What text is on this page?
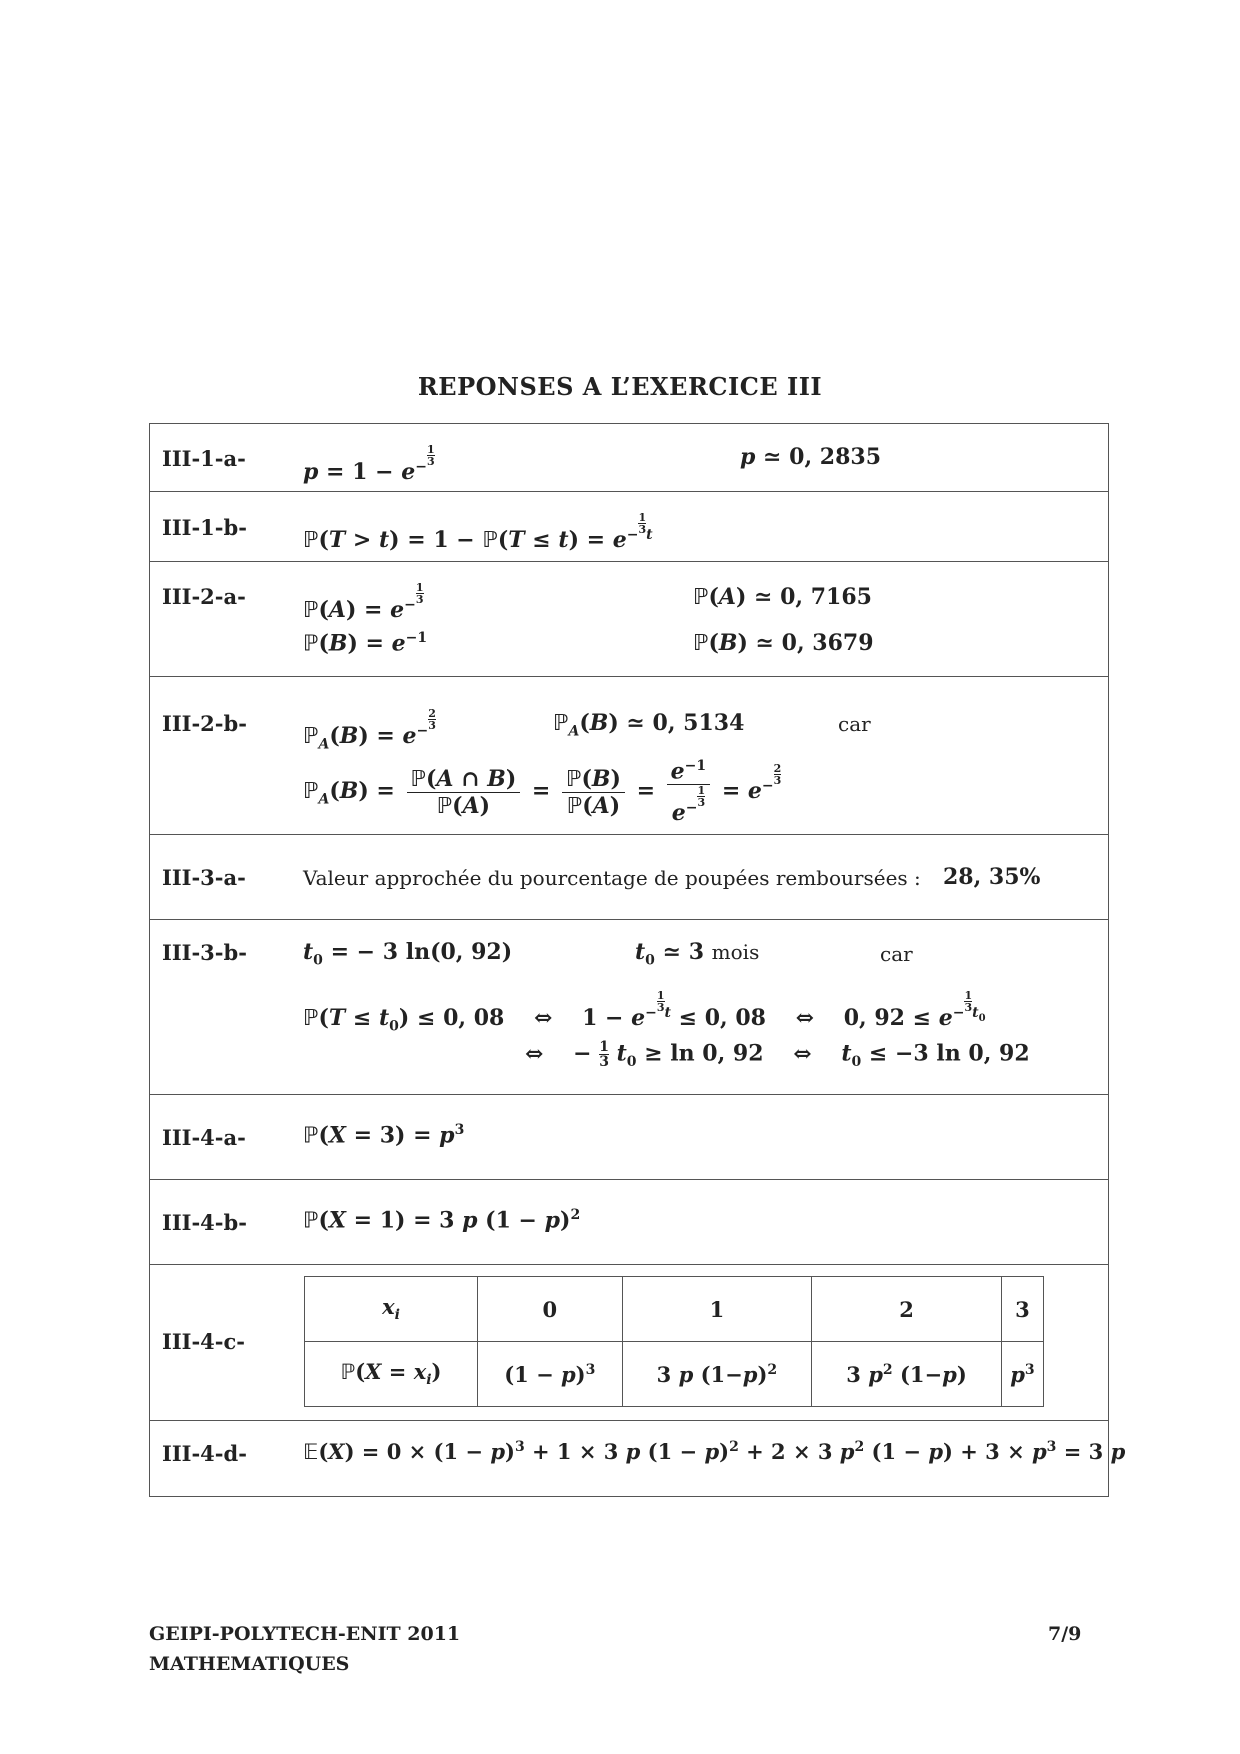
REPONSES A L’EXERCICE III
III-1-a-
$p = 1 - e^{- \frac{1}{3}}$	p ≃ 0, 2835
III-1-b-
ℙ(T > t) = 1 − ℙ(T ≤ $t) = e^{- \frac{1}{3} t}$
III-2-a-
ℙ(A) = $e^{- \frac{1}{3}}$	ℙ(A) ≃ 0, 7165
ℙ(B) = $e^{-1}$	ℙ(B) ≃ 0, 3679
III-2-b-
ℙ$_A$(B) = $e^{- \frac{2}{3}}$	ℙ$_A$(B) ≃ 0, 5134	car
ℙ$_A$(B) = $\frac{\text{ℙ(A ∩ B)}}{\text{ℙ(A)}} = \frac{\text{ℙ(B)}}{\text{ℙ(A)}} = e^{-1}$
$e^{- \frac{1}{3}} = e^{- \frac{2}{3}}$
III-3-a-	Valeur approchée du pourcentage de poupées remboursées : 28, 35%
III-3-b-	$t_0$ = − 3 ln(0, 92)	$t_0$ ≃ 3 mois	car
ℙ(T ≤ $t_0) \le 0$, 08 ⇔ $1 - e^{- \frac{1}{3} t} \le 0$, 08 ⇔ 0, $92 \le e^{- \frac{1}{3} t_0}$
⇔ − $\frac{1}{3} t_0 \ge \ln 0$, 92 ⇔ $t_0 \le -3$ ln 0, 92
III-4-a-	ℙ(X = $3) = p^3$
III-4-b-	ℙ(X = 1) = 3 p $(1 - p)^2$
III-4-c-
$x_i$	0	1	2	3
ℙ(X = $x_i$)	$(1 - p)^3$	3 p $(1-p)^2$	3 $p^2$ (1−p)	$p^3$
III-4-d-	𝔼(X) = $0 \times (1 - p)^3 + 1 \times 3$ p $(1 - p)^2 + 2 \times 3$ $p^2$ $(1 - p) + 3 \times p^3 = 3$ p
GEIPI-POLYTECH-ENIT 2011
MATHEMATIQUES
7/9
